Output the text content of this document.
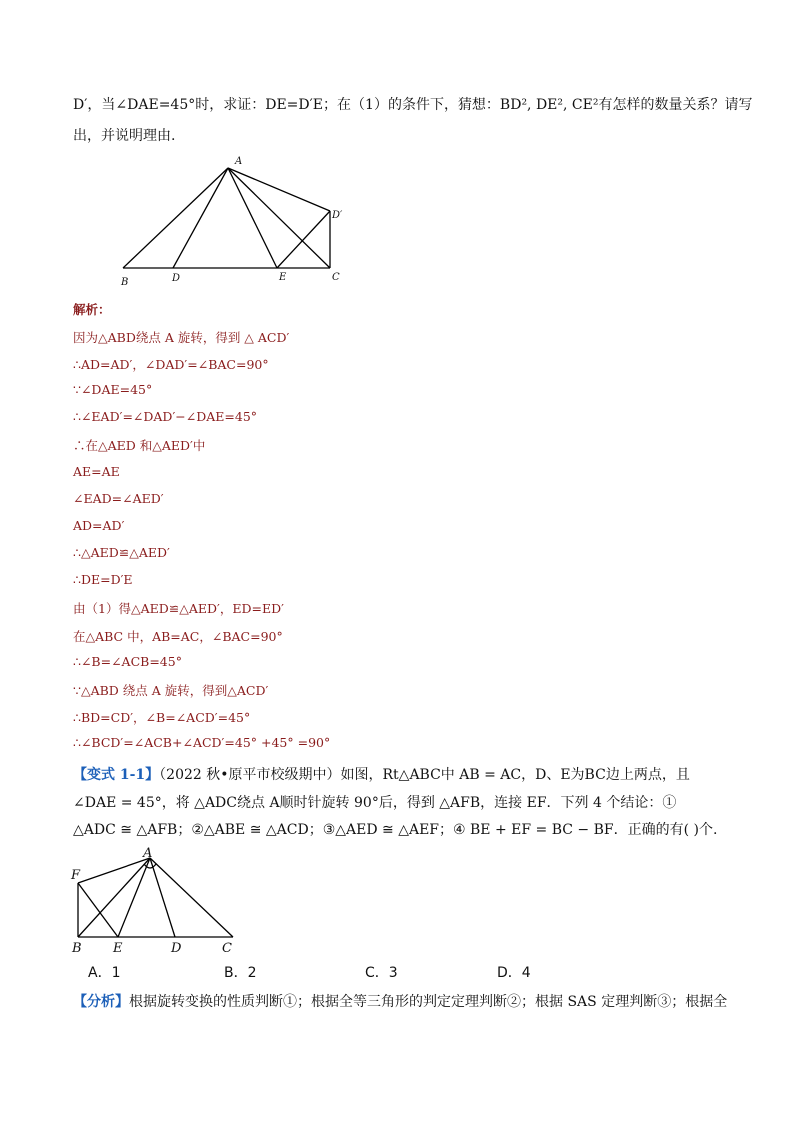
D′，当∠DAE=45°时，求证：DE=D′E；在（1）的条件下，猜想：BD², DE², CE²有怎样的数量关系？请写
出，并说明理由.
A
B	D	E	C
D′
解析：
因为△ABD绕点 A 旋转，得到 △ ACD′
∴AD=AD′，∠DAD′=∠BAC=90°
∵∠DAE=45°
∴∠EAD′=∠DAD′−∠DAE=45°
∴在△AED 和△AED′中
AE=AE
∠EAD=∠AED′
AD=AD′
∴△AED≌△AED′
∴DE=D′E
由（1）得△AED≌△AED′，ED=ED′
在△ABC 中，AB=AC，∠BAC=90°
∴∠B=∠ACB=45°
∵△ABD 绕点 A 旋转，得到△ACD′
∴BD=CD′，∠B=∠ACD′=45°
∴∠BCD′=∠ACB+∠ACD′=45° +45° =90°
【变式 1-1】（2022 秋•原平市校级期中）如图，Rt△ABC中 AB = AC，D、E为BC边上两点，且
∠DAE = 45°，将 △ADC绕点 A顺时针旋转 90°后，得到 △AFB，连接 EF．下列 4 个结论：①
△ADC ≅ △AFB；②△ABE ≅ △ACD；③△AED ≅ △AEF；④ BE + EF = BC − BF．正确的有( )个.
A
F
B E	D	C
A．1	B．2	C．3	D．4
【分析】根据旋转变换的性质判断①；根据全等三角形的判定定理判断②；根据 SAS 定理判断③；根据全
